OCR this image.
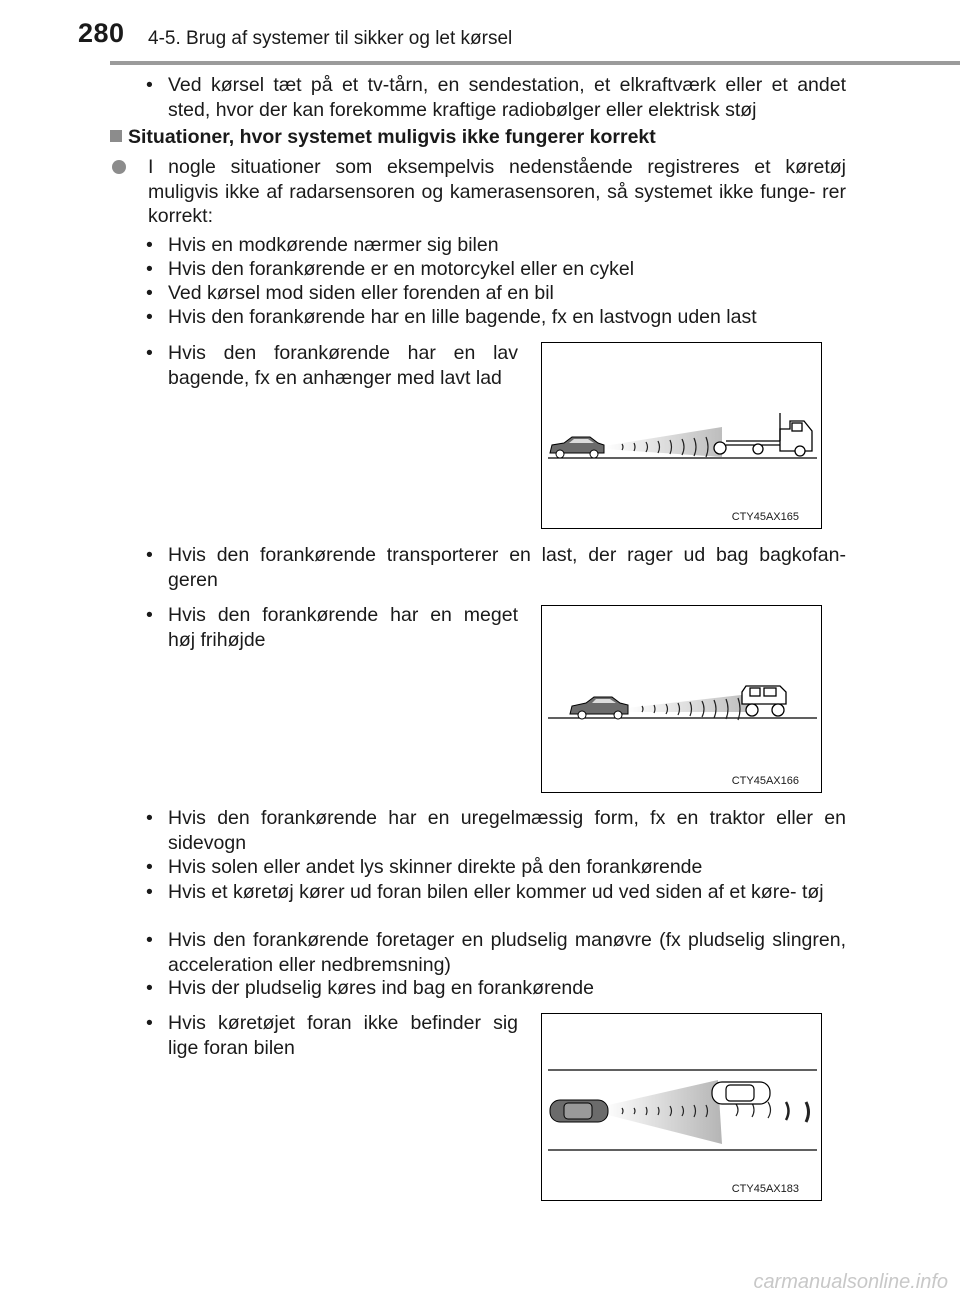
280 4-5. Brug af systemer til sikker og let kørsel
• Ved kørsel tæt på et tv-tårn, en sendestation, et elkraftværk eller et andet sted, hvor der kan forekomme kraftige radiobølger eller elektrisk støj
Situationer, hvor systemet muligvis ikke fungerer korrekt
I nogle situationer som eksempelvis nedenstående registreres et køretøj muligvis ikke af radarsensoren og kamerasensoren, så systemet ikke funge- rer korrekt:
• Hvis en modkørende nærmer sig bilen
• Hvis den forankørende er en motorcykel eller en cykel
• Ved kørsel mod siden eller forenden af en bil
• Hvis den forankørende har en lille bagende, fx en lastvogn uden last
• Hvis den forankørende har en lav bagende, fx en anhænger med lavt lad
CTY45AX165
• Hvis den forankørende transporterer en last, der rager ud bag bagkofan- geren
• Hvis den forankørende har en meget høj frihøjde
CTY45AX166
• Hvis den forankørende har en uregelmæssig form, fx en traktor eller en sidevogn
• Hvis solen eller andet lys skinner direkte på den forankørende
• Hvis et køretøj kører ud foran bilen eller kommer ud ved siden af et køre- tøj
• Hvis den forankørende foretager en pludselig manøvre (fx pludselig slingren, acceleration eller nedbremsning)
• Hvis der pludselig køres ind bag en forankørende
• Hvis køretøjet foran ikke befinder sig lige foran bilen
CTY45AX183
carmanualsonline.info
